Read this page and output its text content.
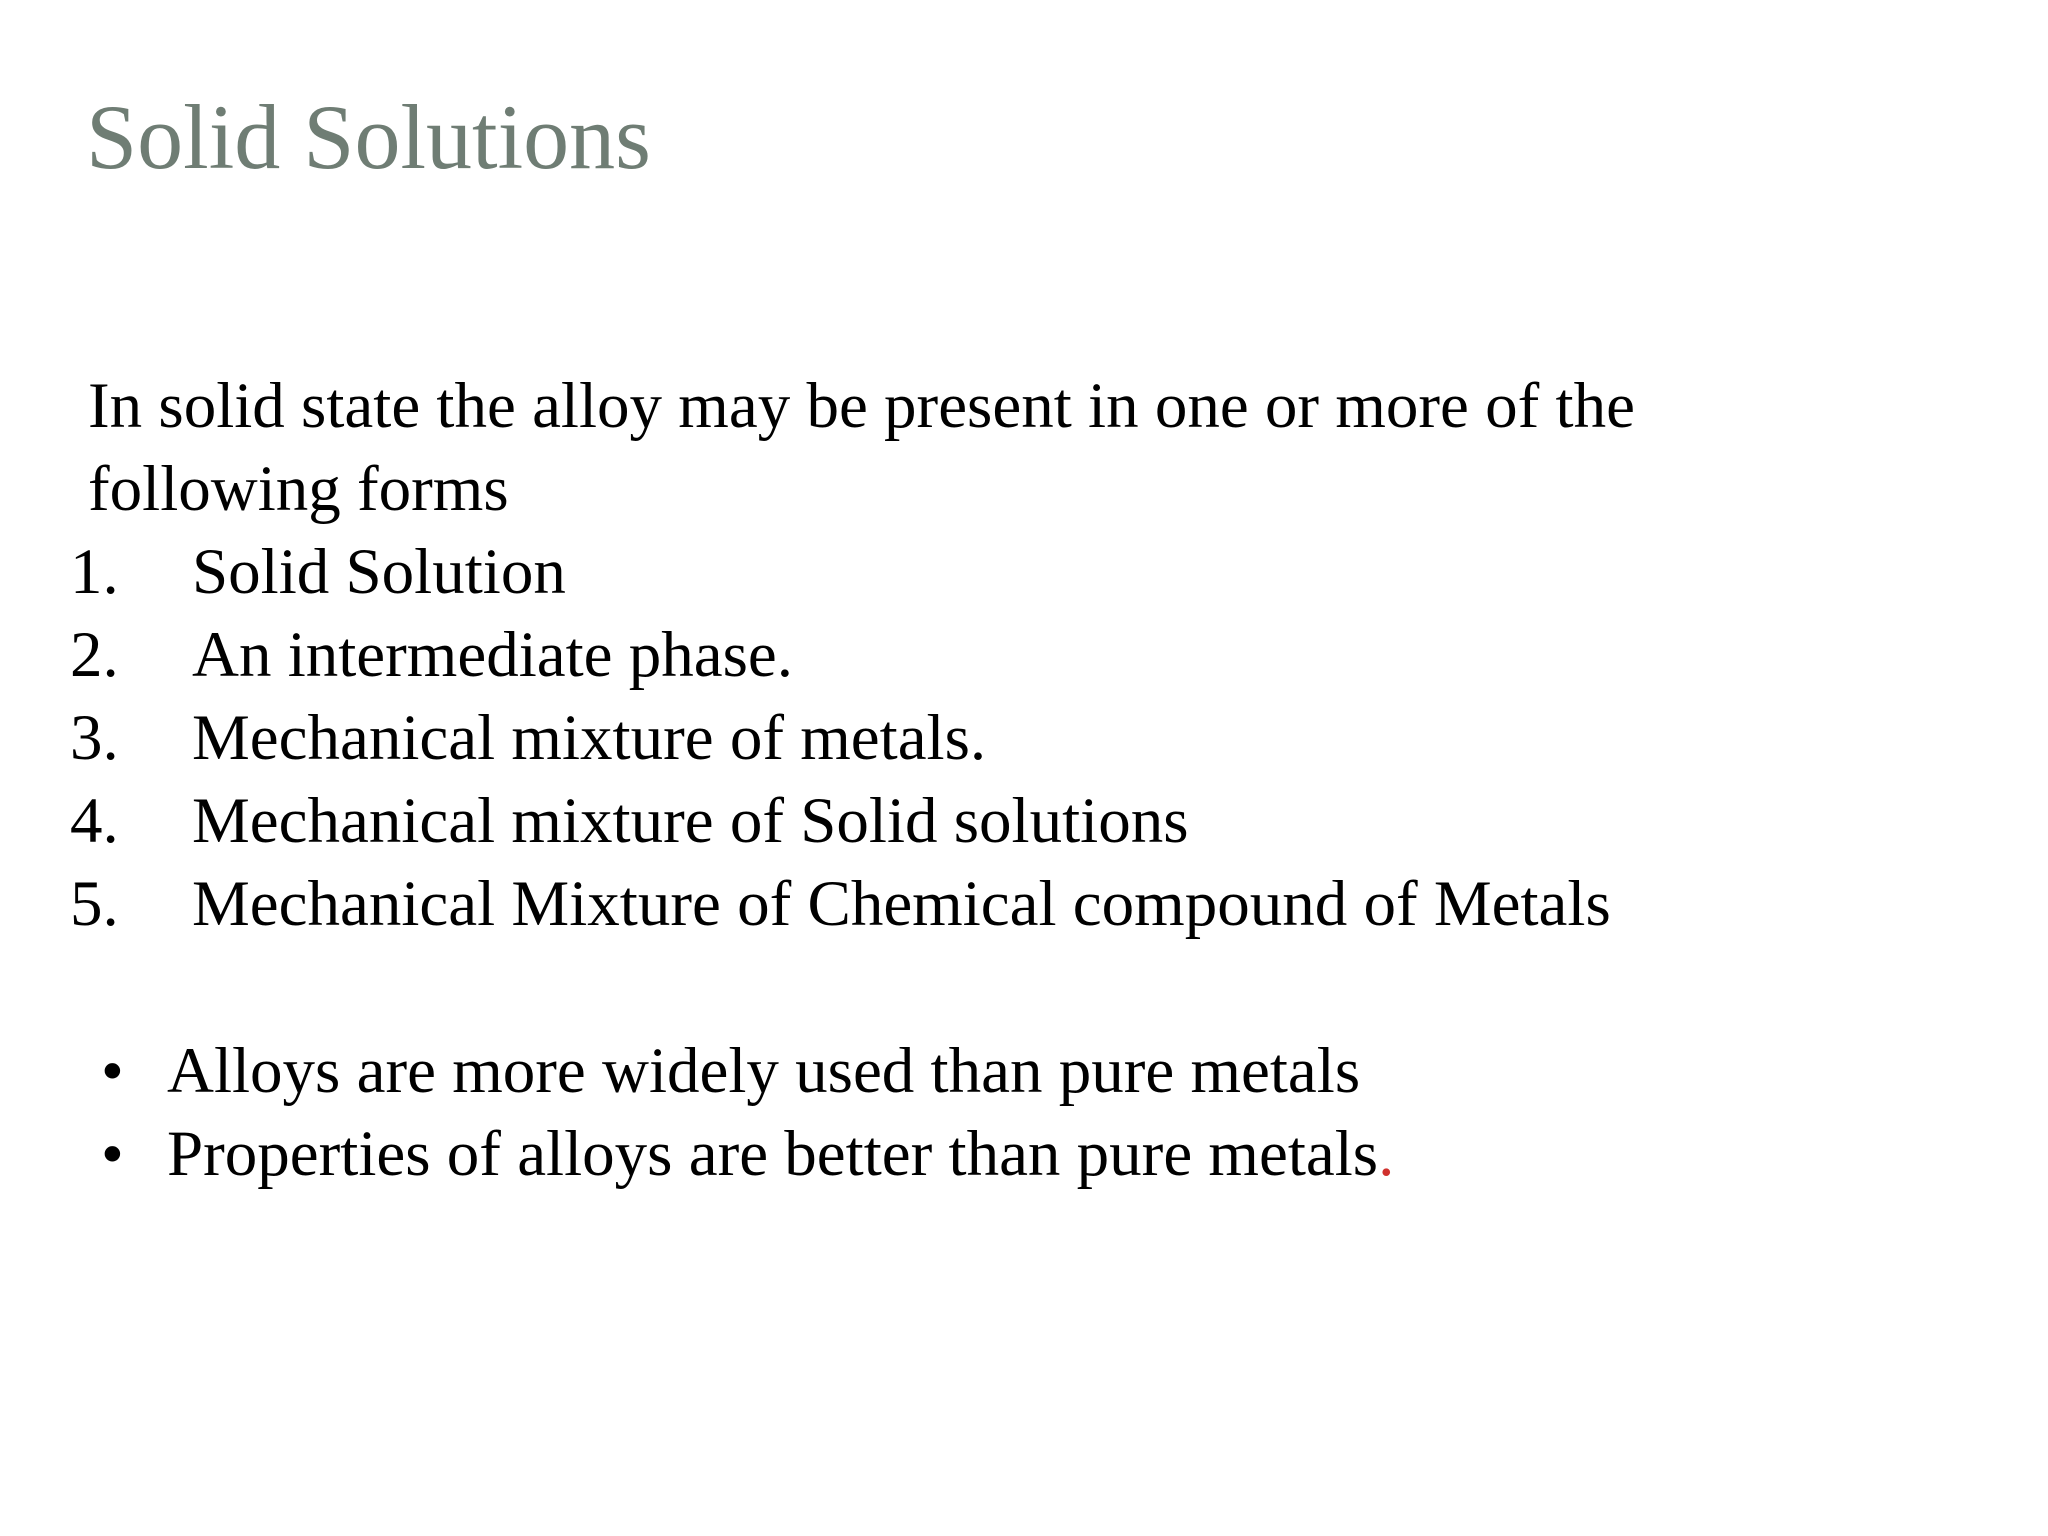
Solid Solutions
In solid state the alloy may be present in one or more of the following forms
1. Solid Solution
2. An intermediate phase.
3. Mechanical mixture of metals.
4. Mechanical mixture of Solid solutions
5. Mechanical Mixture of Chemical compound of Metals
• Alloys are more widely used than pure metals
• Properties of alloys are better than pure metals.
